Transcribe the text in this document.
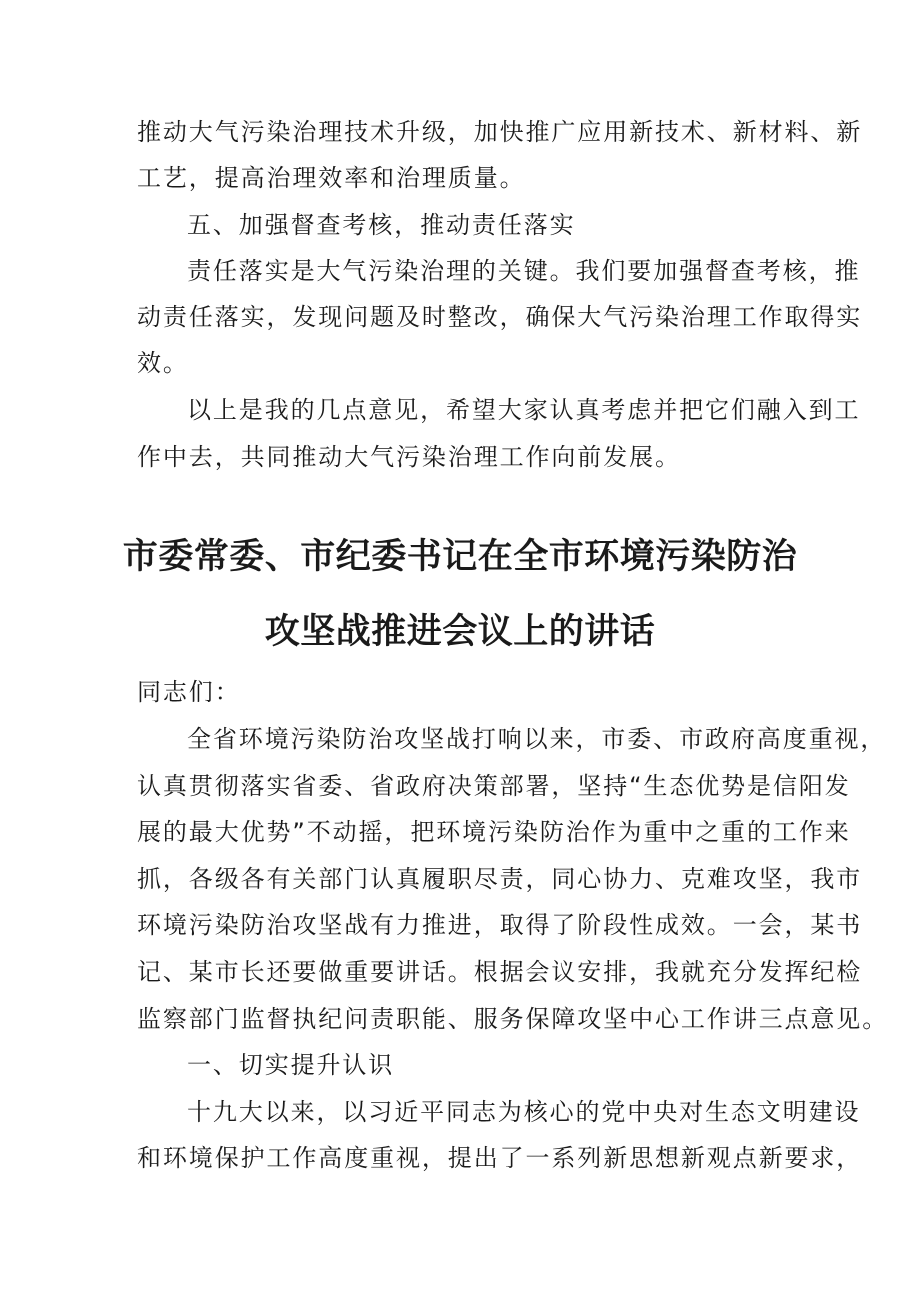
推动大气污染治理技术升级，加快推广应用新技术、新材料、新
工艺，提高治理效率和治理质量。
五、加强督查考核，推动责任落实
责任落实是大气污染治理的关键。我们要加强督查考核，推
动责任落实，发现问题及时整改，确保大气污染治理工作取得实
效。
以上是我的几点意见，希望大家认真考虑并把它们融入到工
作中去，共同推动大气污染治理工作向前发展。
市委常委、市纪委书记在全市环境污染防治
攻坚战推进会议上的讲话
同志们：
全省环境污染防治攻坚战打响以来，市委、市政府高度重视，
认真贯彻落实省委、省政府决策部署，坚持“生态优势是信阳发
展的最大优势”不动摇，把环境污染防治作为重中之重的工作来
抓，各级各有关部门认真履职尽责，同心协力、克难攻坚，我市
环境污染防治攻坚战有力推进，取得了阶段性成效。一会，某书
记、某市长还要做重要讲话。根据会议安排，我就充分发挥纪检
监察部门监督执纪问责职能、服务保障攻坚中心工作讲三点意见。
一、切实提升认识
十九大以来，以习近平同志为核心的党中央对生态文明建设
和环境保护工作高度重视，提出了一系列新思想新观点新要求，
